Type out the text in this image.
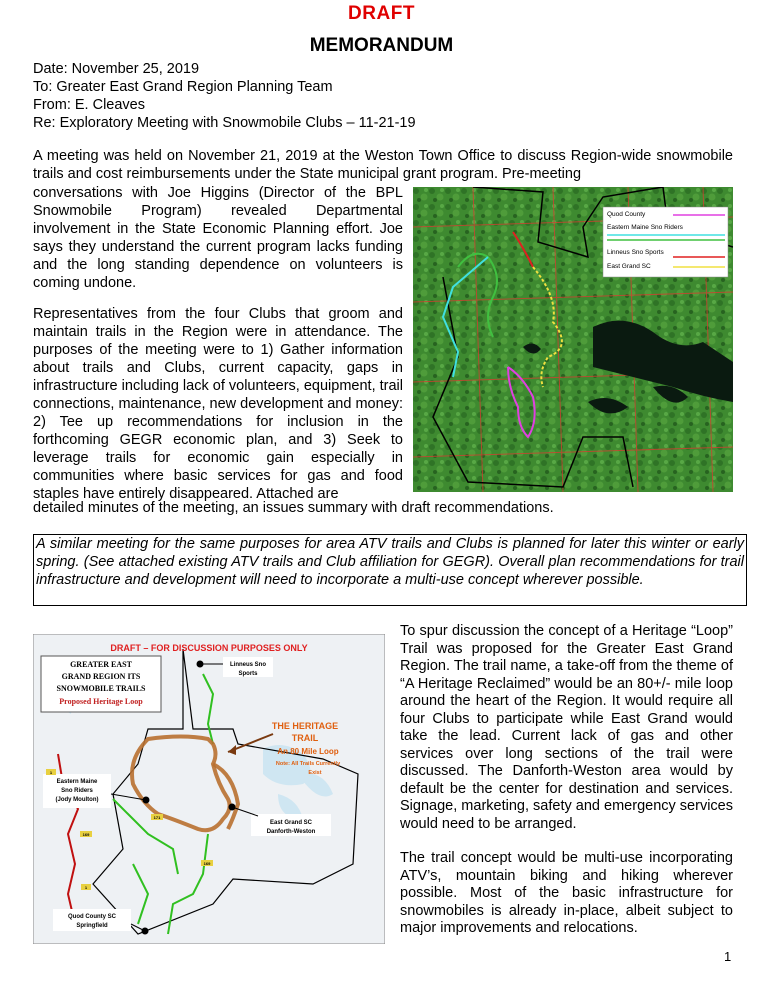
DRAFT
MEMORANDUM
Date: November 25, 2019
To: Greater East Grand Region Planning Team
From: E. Cleaves
Re: Exploratory Meeting with Snowmobile Clubs – 11-21-19
A meeting was held on November 21, 2019 at the Weston Town Office to discuss Region-wide snowmobile trails and cost reimbursements under the State municipal grant program. Pre-meeting
conversations with Joe Higgins (Director of the BPL Snowmobile Program) revealed Departmental involvement in the State Economic Planning effort. Joe says they understand the current program lacks funding and the long standing dependence on volunteers is coming undone.
Representatives from the four Clubs that groom and maintain trails in the Region were in attendance. The purposes of the meeting were to 1) Gather information about trails and Clubs, current capacity, gaps in infrastructure including lack of volunteers, equipment, trail connections, maintenance, new development and money: 2) Tee up recommendations for inclusion in the forthcoming GEGR economic plan, and 3) Seek to leverage trails for economic gain especially in communities where basic services for gas and food staples have entirely disappeared. Attached are
detailed minutes of the meeting, an issues summary with draft recommendations.
Quod County
Eastern Maine Sno Riders
Linneus Sno Sports
East Grand SC
A similar meeting for the same purposes for area ATV trails and Clubs is planned for later this winter or early spring. (See attached existing ATV trails and Club affiliation for GEGR). Overall plan recommendations for trail infrastructure and development will need to incorporate a multi-use concept wherever possible.
DRAFT – FOR DISCUSSION PURPOSES ONLY
GREATER EAST
GRAND REGION ITS
SNOWMOBILE TRAILS
Proposed Heritage Loop
THE HERITAGE
TRAIL
An 80 Mile Loop
Note: All Trails Currently
Exist
Linneus Sno
Sports
Eastern Maine
Sno Riders
(Jody Moulton)
East Grand SC
Danforth-Weston
Quod County SC
Springfield
1
1
169
169
171

To spur discussion the concept of a Heritage “Loop” Trail was proposed for the Greater East Grand Region. The trail name, a take-off from the theme of “A Heritage Reclaimed” would be an 80+/- mile loop around the heart of the Region. It would require all four Clubs to participate while East Grand would take the lead. Current lack of gas and other services over long sections of the trail were discussed. The Danforth-Weston area would by default be the center for destination and services. Signage, marketing, safety and emergency services would need to be arranged.

The trail concept would be multi-use incorporating ATV’s, mountain biking and hiking wherever possible. Most of the basic infrastructure for snowmobiles is already in-place, albeit subject to major improvements and relocations.

1
